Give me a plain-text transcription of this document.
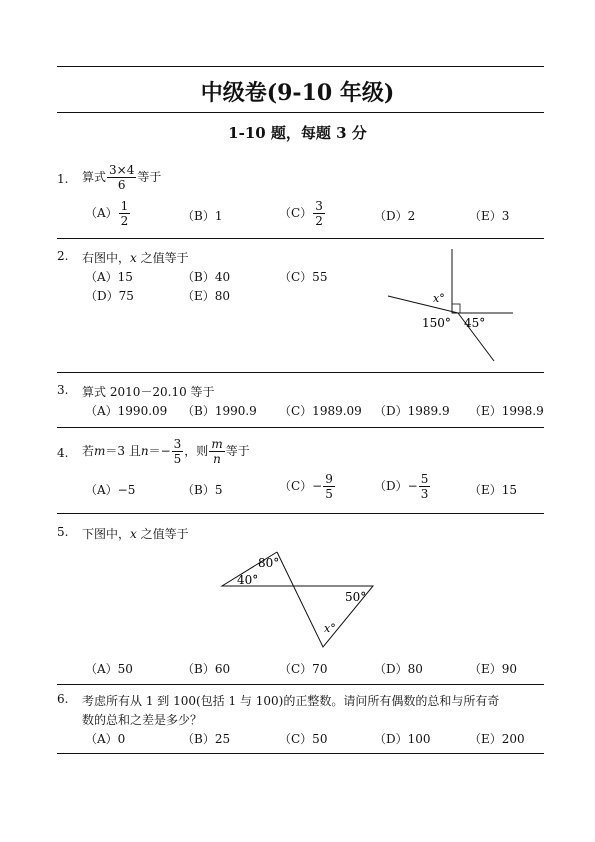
中级卷(9-10 年级)
1-10 题，每题 3 分
1. 算式 $\frac{3\times 4}{6}$ 等于
$(A) \frac{1}{2}$	（B）1	$(C) \frac{3}{2}$	（D）2	（E）3
2. 右图中，x 之值等于
（A）15	（B）40	（C）55
（D）75	（E）80	x°
150° 45°
3. 算式 2010－20.10 等于
（A）1990.09 （B）1990.9 （C）1989.09 （D）1989.9 （E）1998.9
4. 若m＝3 且$n=- \frac{3}{5}$ ，则 $\frac{m}{n}$ 等于
（A）−5	（B）5	$(C)- \frac{9}{5}$	$(D)- \frac{5}{3}$	（E）15
5. 下图中，x 之值等于
80°
40°
50°
x°
（A）50	（B）60	（C）70	（D）80	（E）90
6. 考虑所有从 1 到 100(包括 1 与 100)的正整数。请问所有偶数的总和与所有奇
数的总和之差是多少？
（A）0	（B）25	（C）50	（D）100	（E）200
